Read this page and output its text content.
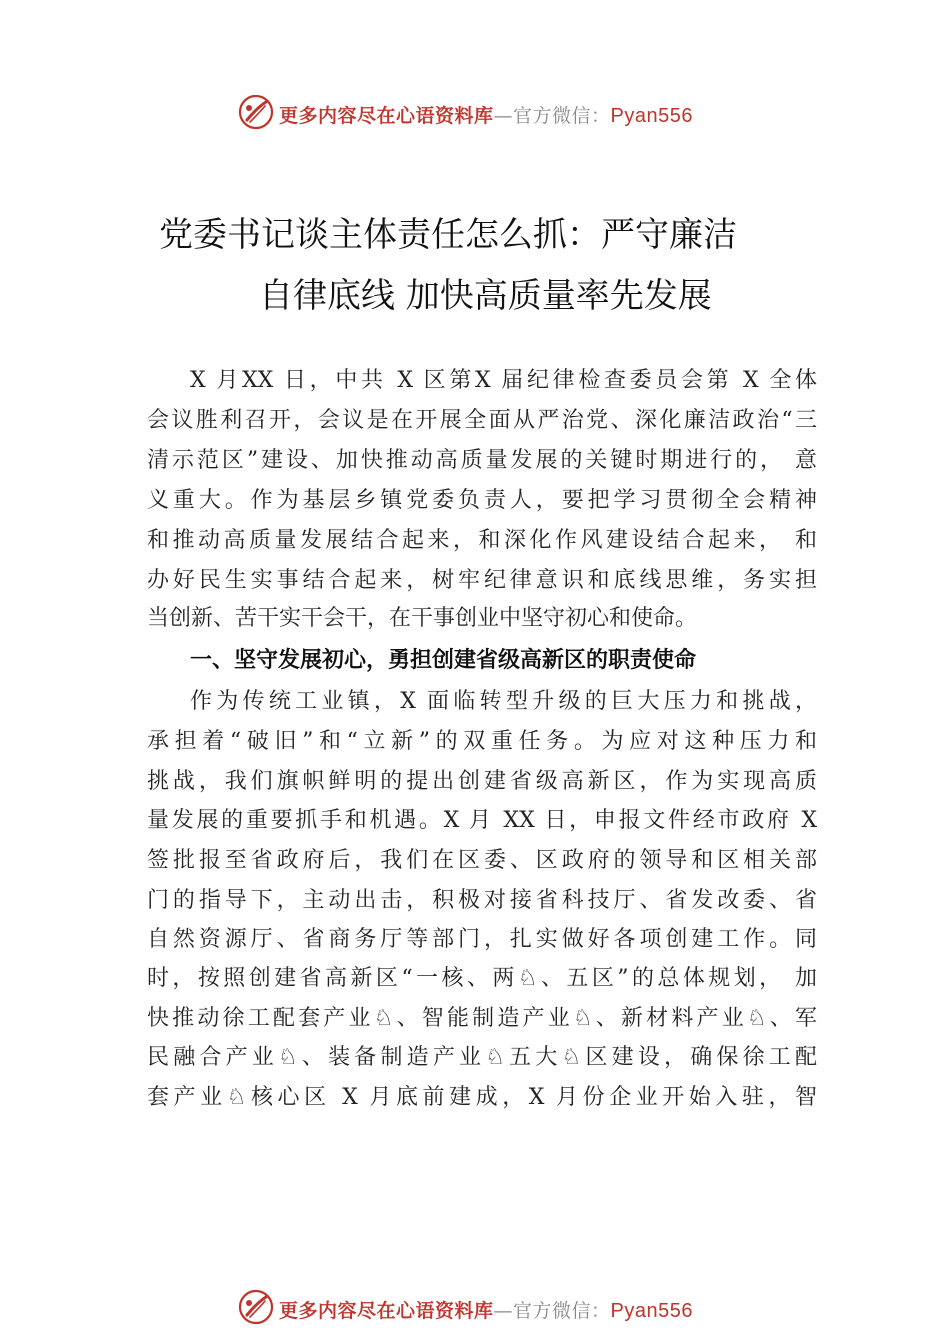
更多内容尽在心语资料库—官方微信：Pyan556
党委书记谈主体责任怎么抓：严守廉洁
自律底线 加快高质量率先发展
X 月XX 日，中共 X 区第X 届纪律检查委员会第 X 全体
会议胜利召开，会议是在开展全面从严治党、深化廉洁政治“三
清示范区”建设、加快推动高质量发展的关键时期进行的， 意
义重大。作为基层乡镇党委负责人，要把学习贯彻全会精神
和推动高质量发展结合起来，和深化作风建设结合起来， 和
办好民生实事结合起来，树牢纪律意识和底线思维，务实担
当创新、苦干实干会干，在干事创业中坚守初心和使命。
一、坚守发展初心，勇担创建省级高新区的职责使命
作为传统工业镇，X 面临转型升级的巨大压力和挑战，
承担着“破旧”和“立新”的双重任务。为应对这种压力和
挑战，我们旗帜鲜明的提出创建省级高新区，作为实现高质
量发展的重要抓手和机遇。X 月 XX 日，申报文件经市政府 X
签批报至省政府后，我们在区委、区政府的领导和区相关部
门的指导下，主动出击，积极对接省科技厅、省发改委、省
自然资源厅、省商务厅等部门，扎实做好各项创建工作。同
时，按照创建省高新区“一核、两♘、五区”的总体规划， 加
快推动徐工配套产业♘、智能制造产业♘、新材料产业♘、军
民融合产业♘、装备制造产业♘五大♘区建设，确保徐工配
套产业♘核心区 X 月底前建成，X 月份企业开始入驻，智
更多内容尽在心语资料库—官方微信：Pyan556
